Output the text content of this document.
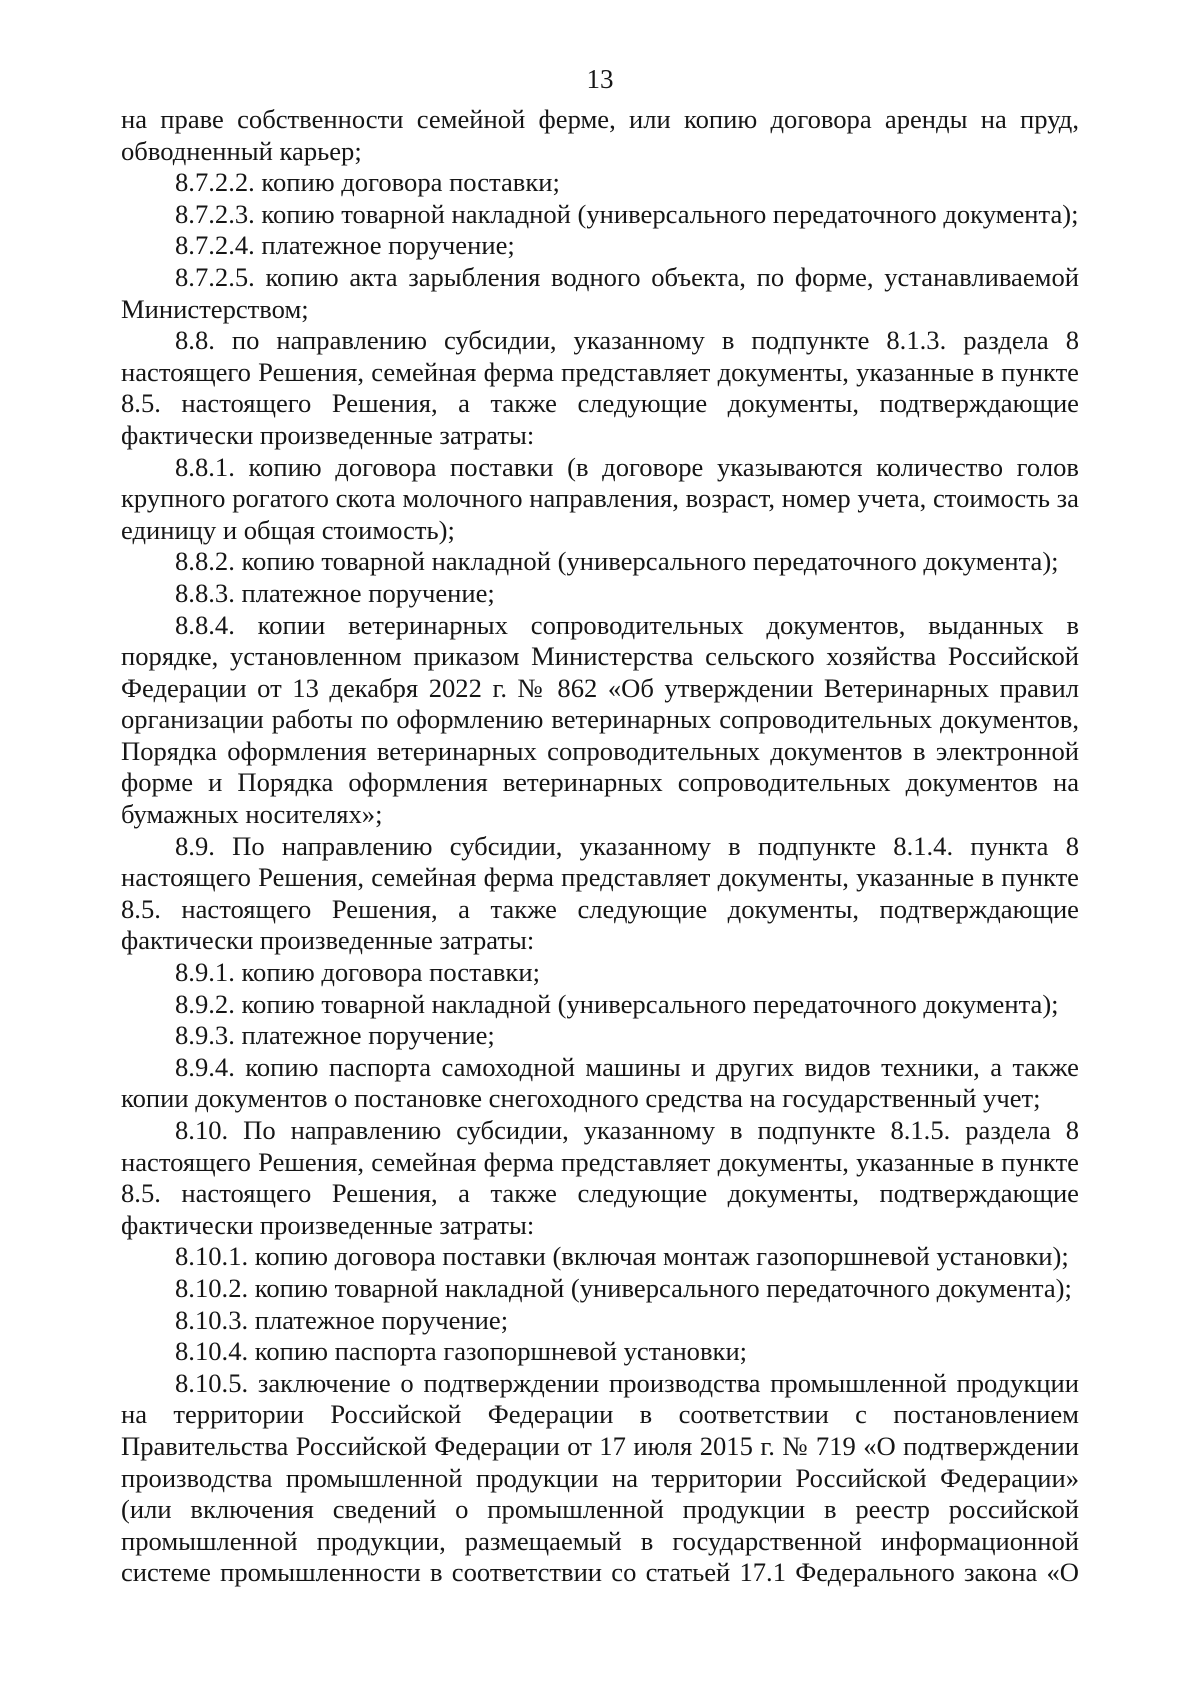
13

на праве собственности семейной ферме, или копию договора аренды на пруд, обводненный карьер;

8.7.2.2. копию договора поставки;

8.7.2.3. копию товарной накладной (универсального передаточного документа);

8.7.2.4. платежное поручение;

8.7.2.5. копию акта зарыбления водного объекта, по форме, устанавливаемой Министерством;

8.8. по направлению субсидии, указанному в подпункте 8.1.3. раздела 8 настоящего Решения, семейная ферма представляет документы, указанные в пункте 8.5. настоящего Решения, а также следующие документы, подтверждающие фактически произведенные затраты:

8.8.1. копию договора поставки (в договоре указываются количество голов крупного рогатого скота молочного направления, возраст, номер учета, стоимость за единицу и общая стоимость);

8.8.2. копию товарной накладной (универсального передаточного документа);

8.8.3. платежное поручение;

8.8.4. копии ветеринарных сопроводительных документов, выданных в порядке, установленном приказом Министерства сельского хозяйства Российской Федерации от 13 декабря 2022 г. № 862 «Об утверждении Ветеринарных правил организации работы по оформлению ветеринарных сопроводительных документов, Порядка оформления ветеринарных сопроводительных документов в электронной форме и Порядка оформления ветеринарных сопроводительных документов на бумажных носителях»;

8.9. По направлению субсидии, указанному в подпункте 8.1.4. пункта 8 настоящего Решения, семейная ферма представляет документы, указанные в пункте 8.5. настоящего Решения, а также следующие документы, подтверждающие фактически произведенные затраты:

8.9.1. копию договора поставки;

8.9.2. копию товарной накладной (универсального передаточного документа);

8.9.3. платежное поручение;

8.9.4. копию паспорта самоходной машины и других видов техники, а также копии документов о постановке снегоходного средства на государственный учет;

8.10. По направлению субсидии, указанному в подпункте 8.1.5. раздела 8 настоящего Решения, семейная ферма представляет документы, указанные в пункте 8.5. настоящего Решения, а также следующие документы, подтверждающие фактически произведенные затраты:

8.10.1. копию договора поставки (включая монтаж газопоршневой установки);

8.10.2. копию товарной накладной (универсального передаточного документа);

8.10.3. платежное поручение;

8.10.4. копию паспорта газопоршневой установки;

8.10.5. заключение о подтверждении производства промышленной продукции на территории Российской Федерации в соответствии с постановлением Правительства Российской Федерации от 17 июля 2015 г. № 719 «О подтверждении производства промышленной продукции на территории Российской Федерации» (или включения сведений о промышленной продукции в реестр российской промышленной продукции, размещаемый в государственной информационной системе промышленности в соответствии со статьей 17.1 Федерального закона «О
